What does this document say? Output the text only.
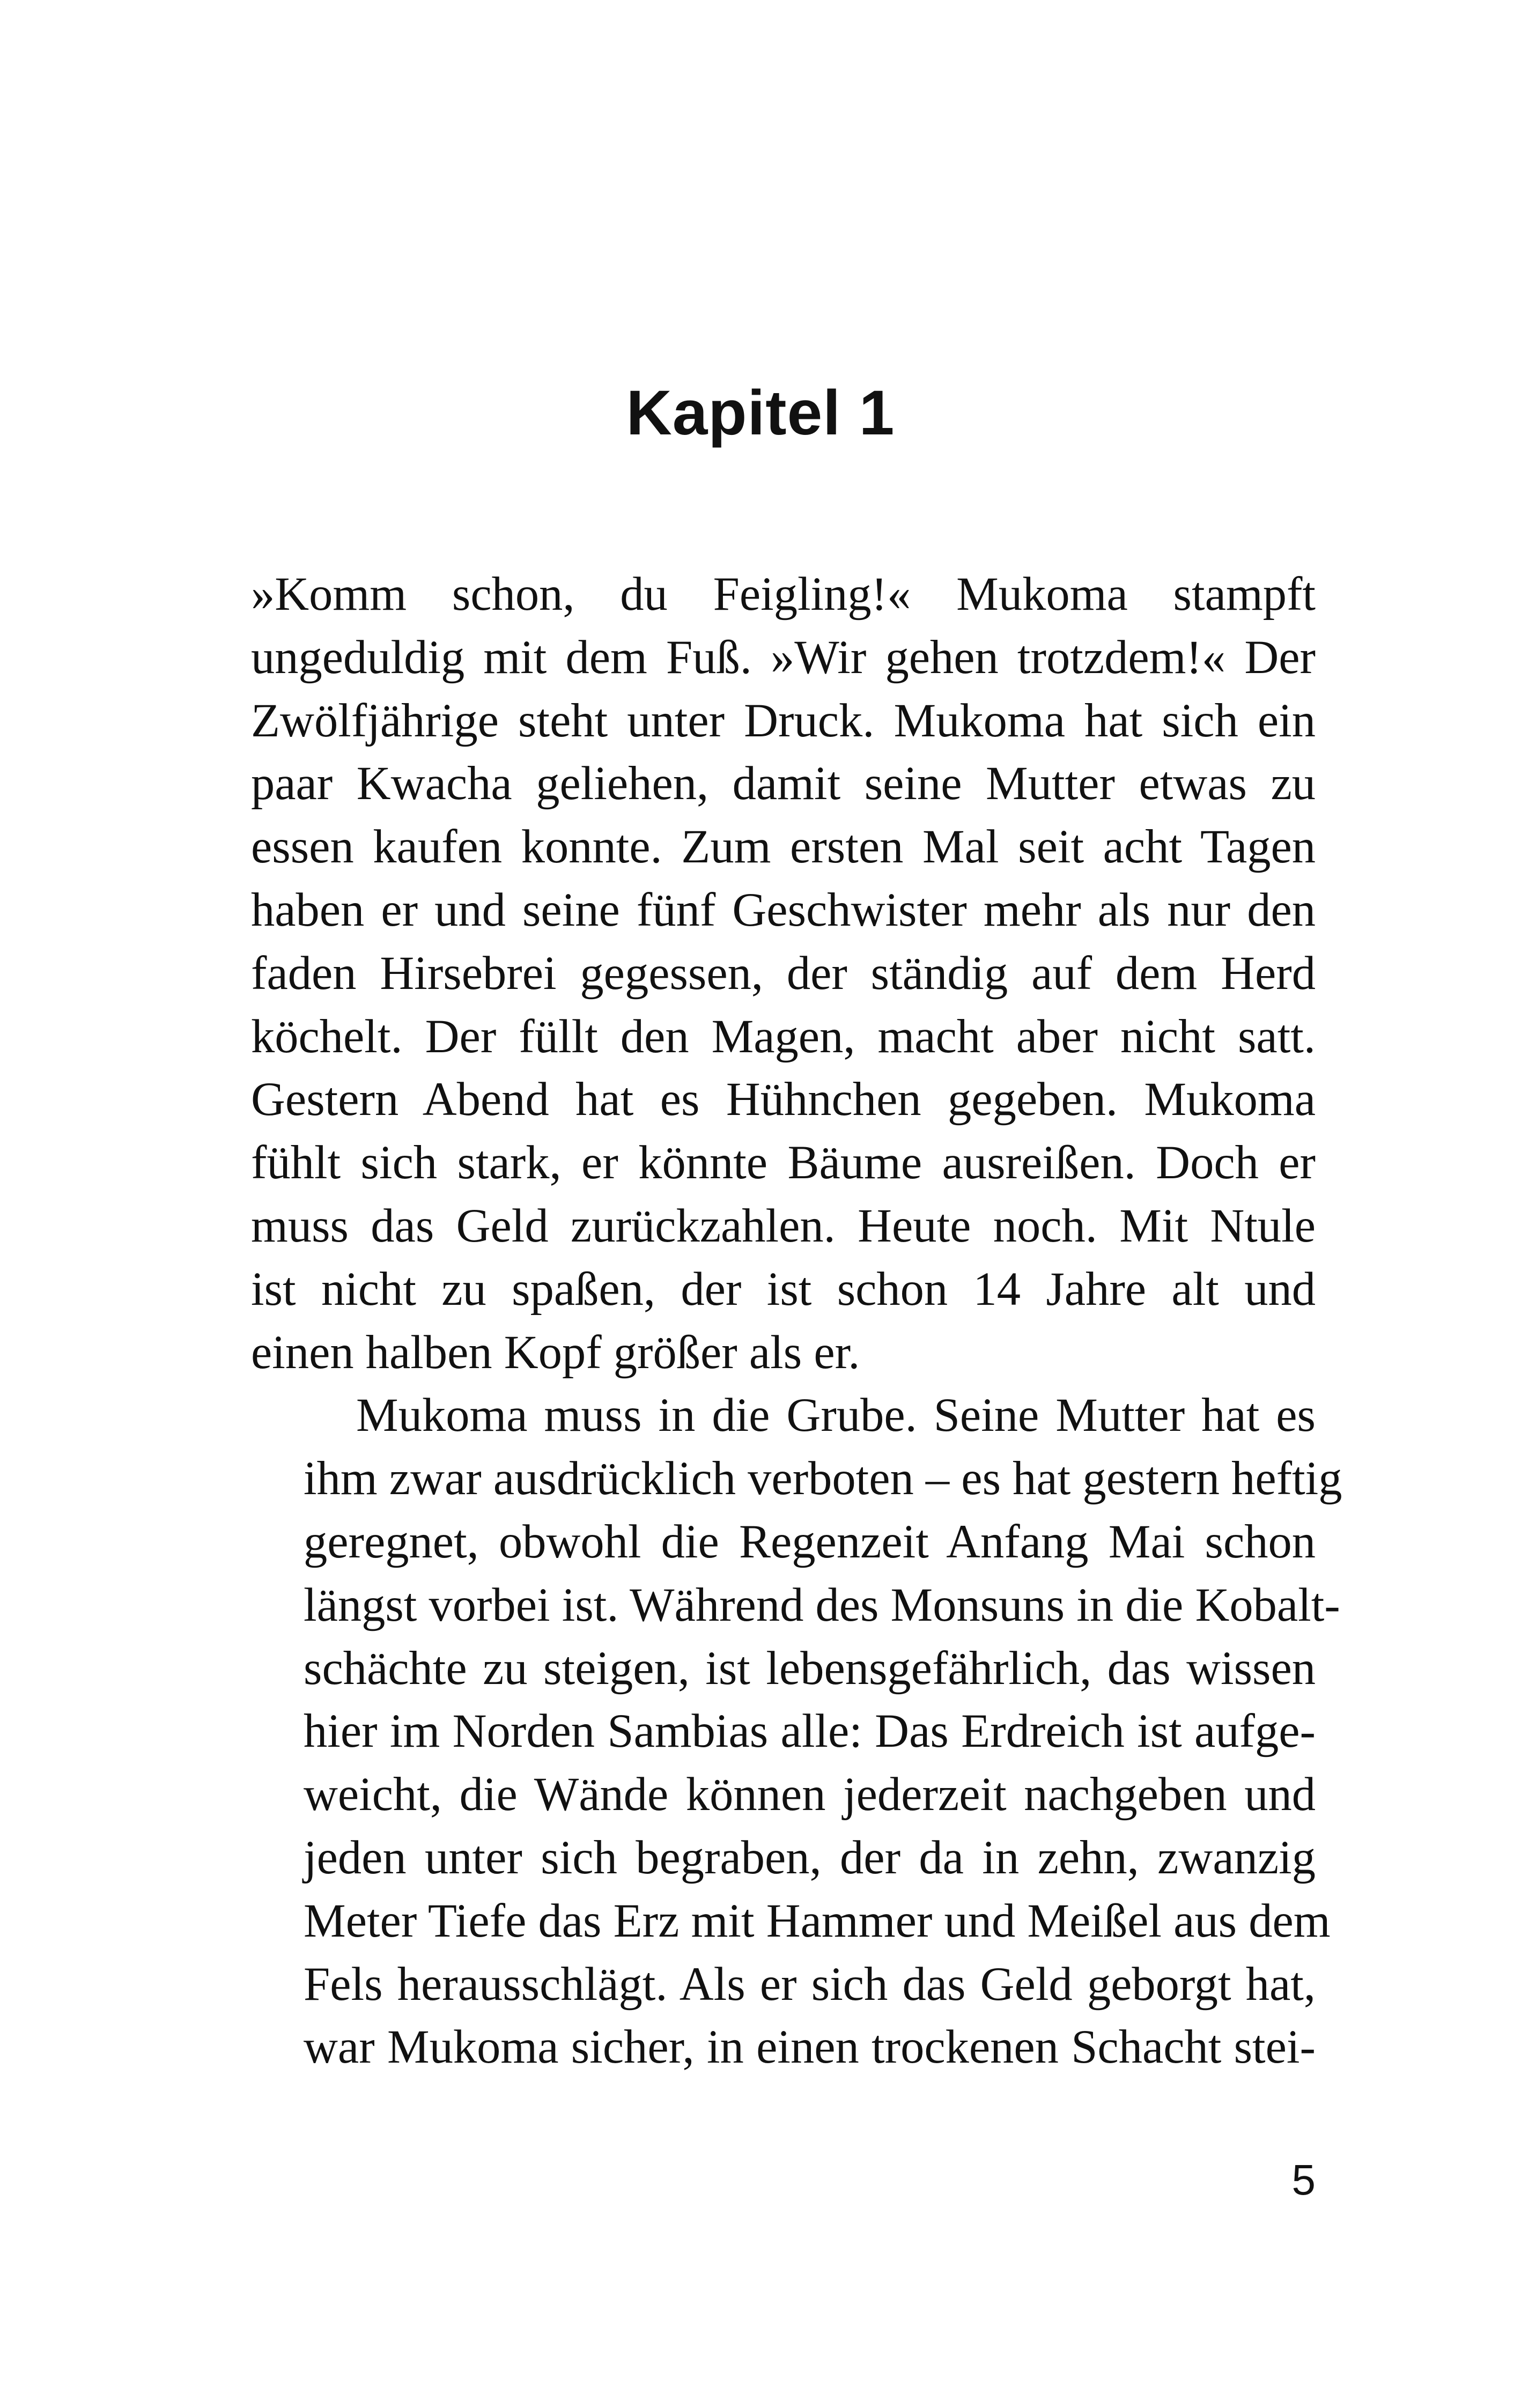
Kapitel 1

»Komm schon, du Feigling!« Mukoma stampft
ungeduldig mit dem Fuß. »Wir gehen trotzdem!« Der
Zwölfjährige steht unter Druck. Mukoma hat sich ein
paar Kwacha geliehen, damit seine Mutter etwas zu
essen kaufen konnte. Zum ersten Mal seit acht Tagen
haben er und seine fünf Geschwister mehr als nur den
faden Hirsebrei gegessen, der ständig auf dem Herd
köchelt. Der füllt den Magen, macht aber nicht satt.
Gestern Abend hat es Hühnchen gegeben. Mukoma
fühlt sich stark, er könnte Bäume ausreißen. Doch er
muss das Geld zurückzahlen. Heute noch. Mit Ntule
ist nicht zu spaßen, der ist schon 14 Jahre alt und
einen halben Kopf größer als er.

Mukoma muss in die Grube. Seine Mutter hat es
ihm zwar ausdrücklich verboten – es hat gestern heftig
geregnet, obwohl die Regenzeit Anfang Mai schon
längst vorbei ist. Während des Monsuns in die Kobalt-
schächte zu steigen, ist lebensgefährlich, das wissen
hier im Norden Sambias alle: Das Erdreich ist aufge-
weicht, die Wände können jederzeit nachgeben und
jeden unter sich begraben, der da in zehn, zwanzig
Meter Tiefe das Erz mit Hammer und Meißel aus dem
Fels herausschlägt. Als er sich das Geld geborgt hat,
war Mukoma sicher, in einen trockenen Schacht stei-

5
